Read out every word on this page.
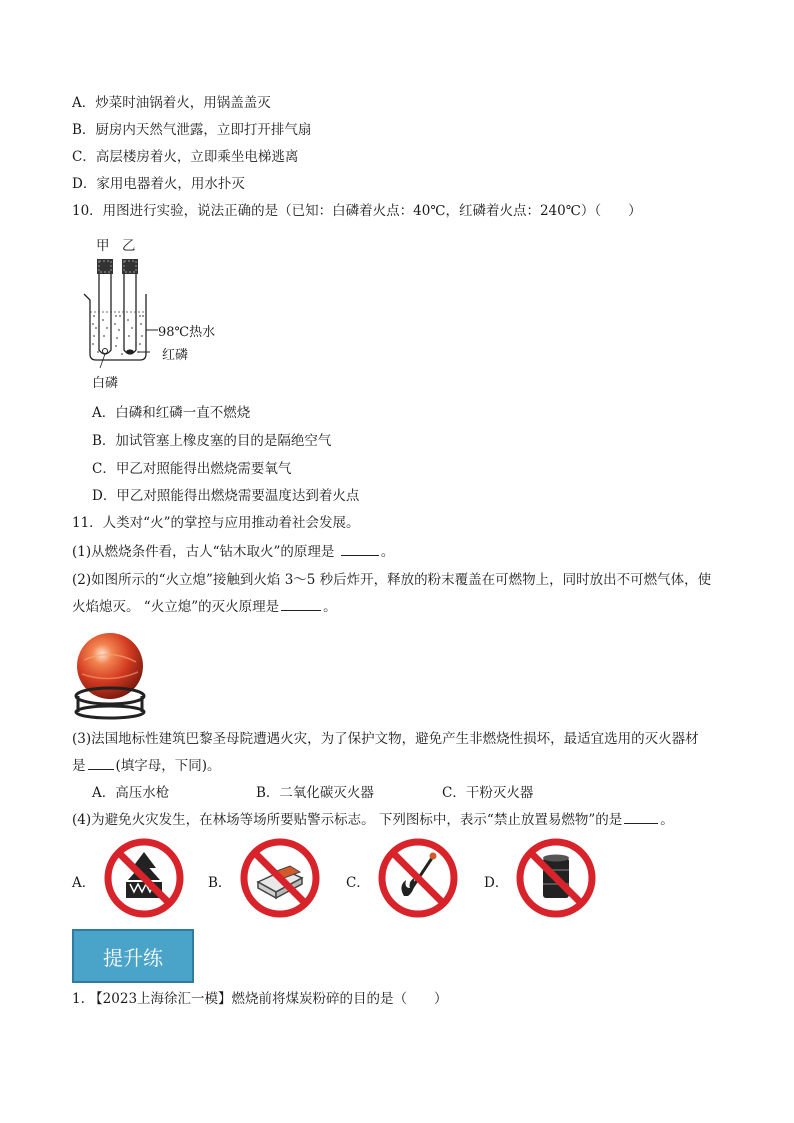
A．炒菜时油锅着火，用锅盖盖灭
B．厨房内天然气泄露，立即打开排气扇
C．高层楼房着火，立即乘坐电梯逃离
D．家用电器着火，用水扑灭
10．用图进行实验，说法正确的是（已知：白磷着火点：40℃，红磷着火点：240℃）（　　）
甲 乙
98℃热水
红磷
白磷
A．白磷和红磷一直不燃烧
B．加试管塞上橡皮塞的目的是隔绝空气
C．甲乙对照能得出燃烧需要氧气
D．甲乙对照能得出燃烧需要温度达到着火点
11．人类对“火”的掌控与应用推动着社会发展。
(1)从燃烧条件看，古人“钻木取火”的原理是	。
(2)如图所示的“火立熄”接触到火焰 3～5 秒后炸开，释放的粉末覆盖在可燃物上，同时放出不可燃气体，使
火焰熄灭。 “火立熄”的灭火原理是	。
(3)法国地标性建筑巴黎圣母院遭遇火灾，为了保护文物，避免产生非燃烧性损坏，最适宜选用的灭火器材
是 (填字母，下同)。
A．高压水枪	B．二氧化碳灭火器	C．干粉灭火器
(4)为避免火灾发生，在林场等场所要贴警示标志。 下列图标中，表示“禁止放置易燃物”的是	。
A．	B．	C．	D．
提升练
1. 【2023上海徐汇一模】燃烧前将煤炭粉碎的目的是（　　）
